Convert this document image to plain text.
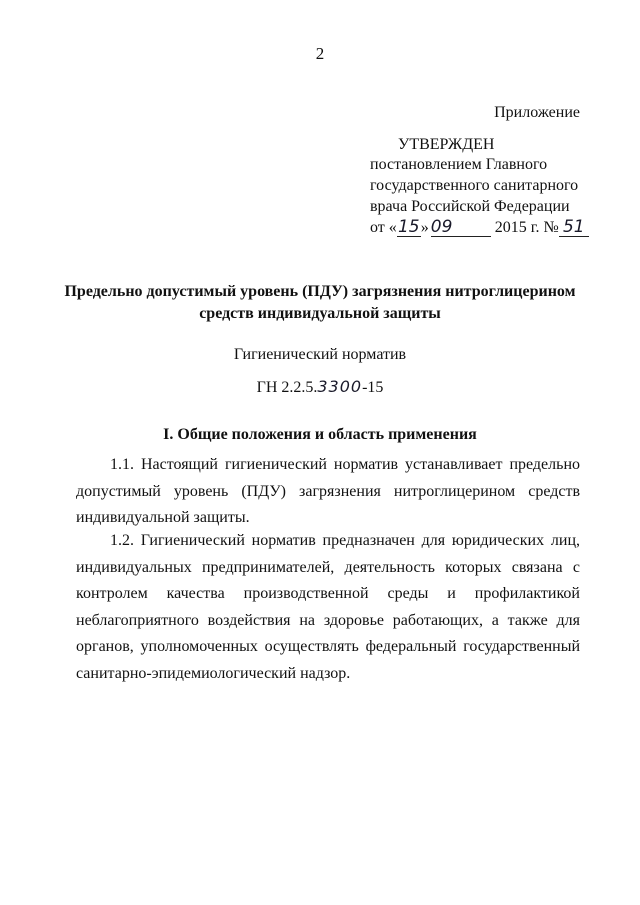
2
Приложение
УТВЕРЖДЕН
постановлением Главного
государственного санитарного
врача Российской Федерации
от «15» 09	2015 г. № 51
Предельно допустимый уровень (ПДУ) загрязнения нитроглицерином
средств индивидуальной защиты
Гигиенический норматив
ГН 2.2.5.3300-15
I. Общие положения и область применения
1.1. Настоящий гигиенический норматив устанавливает предельно допустимый уровень (ПДУ) загрязнения нитроглицерином средств индивидуальной защиты.
1.2. Гигиенический норматив предназначен для юридических лиц, индивидуальных предпринимателей, деятельность которых связана с контролем качества производственной среды и профилактикой неблагоприятного воздействия на здоровье работающих, а также для органов, уполномоченных осуществлять федеральный государственный санитарно-эпидемиологический надзор.
